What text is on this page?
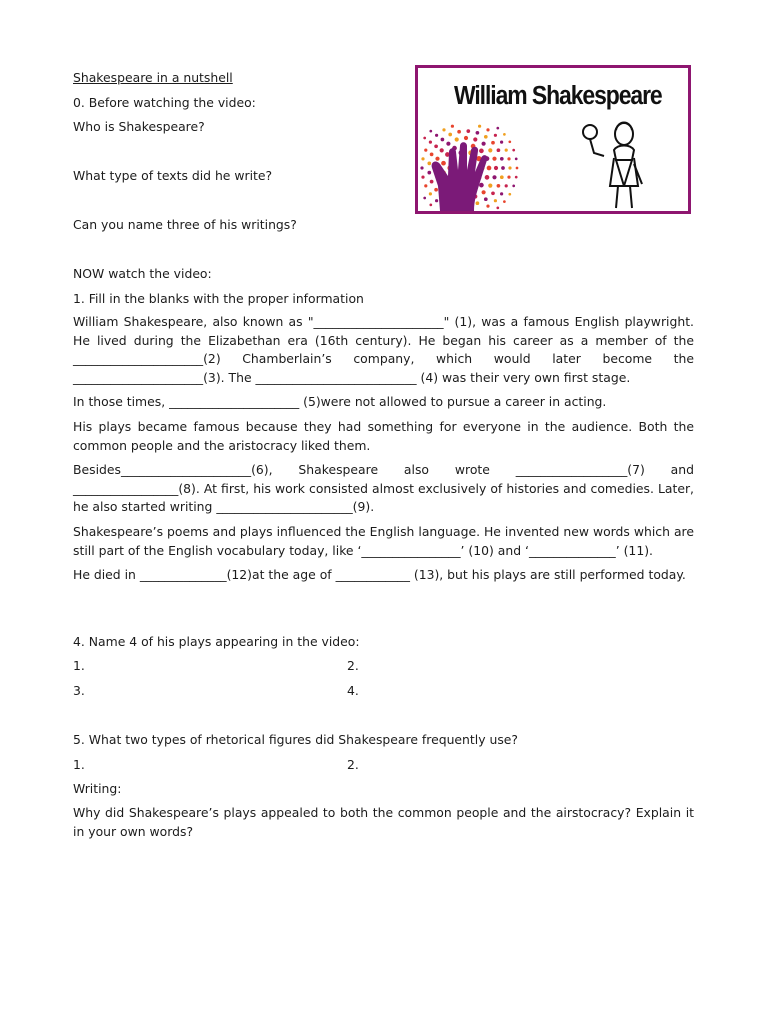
Shakespeare in a nutshell
0. Before watching the video:
Who is Shakespeare?
What type of texts did he write?
Can you name three of his writings?
William Shakespeare
NOW watch the video:
1. Fill in the blanks with the proper information
William Shakespeare, also known as "_____________________" (1), was a famous English playwright. He lived during the Elizabethan era (16th century). He began his career as a member of the _____________________(2) Chamberlain’s company, which would later become the _____________________(3). The __________________________ (4) was their very own first stage.
In those times, _____________________ (5)were not allowed to pursue a career in acting.
His plays became famous because they had something for everyone in the audience. Both the common people and the aristocracy liked them.
Besides_____________________(6), Shakespeare also wrote __________________(7) and _________________(8). At first, his work consisted almost exclusively of histories and comedies. Later, he also started writing ______________________(9).
Shakespeare’s poems and plays influenced the English language. He invented new words which are still part of the English vocabulary today, like ‘________________’ (10) and ‘______________’ (11).
He died in ______________(12)at the age of ____________ (13), but his plays are still performed today.
4. Name 4 of his plays appearing in the video:
1.	2.
3.	4.
5. What two types of rhetorical figures did Shakespeare frequently use?
1.	2.
Writing:
Why did Shakespeare’s plays appealed to both the common people and the airstocracy? Explain it in your own words?
